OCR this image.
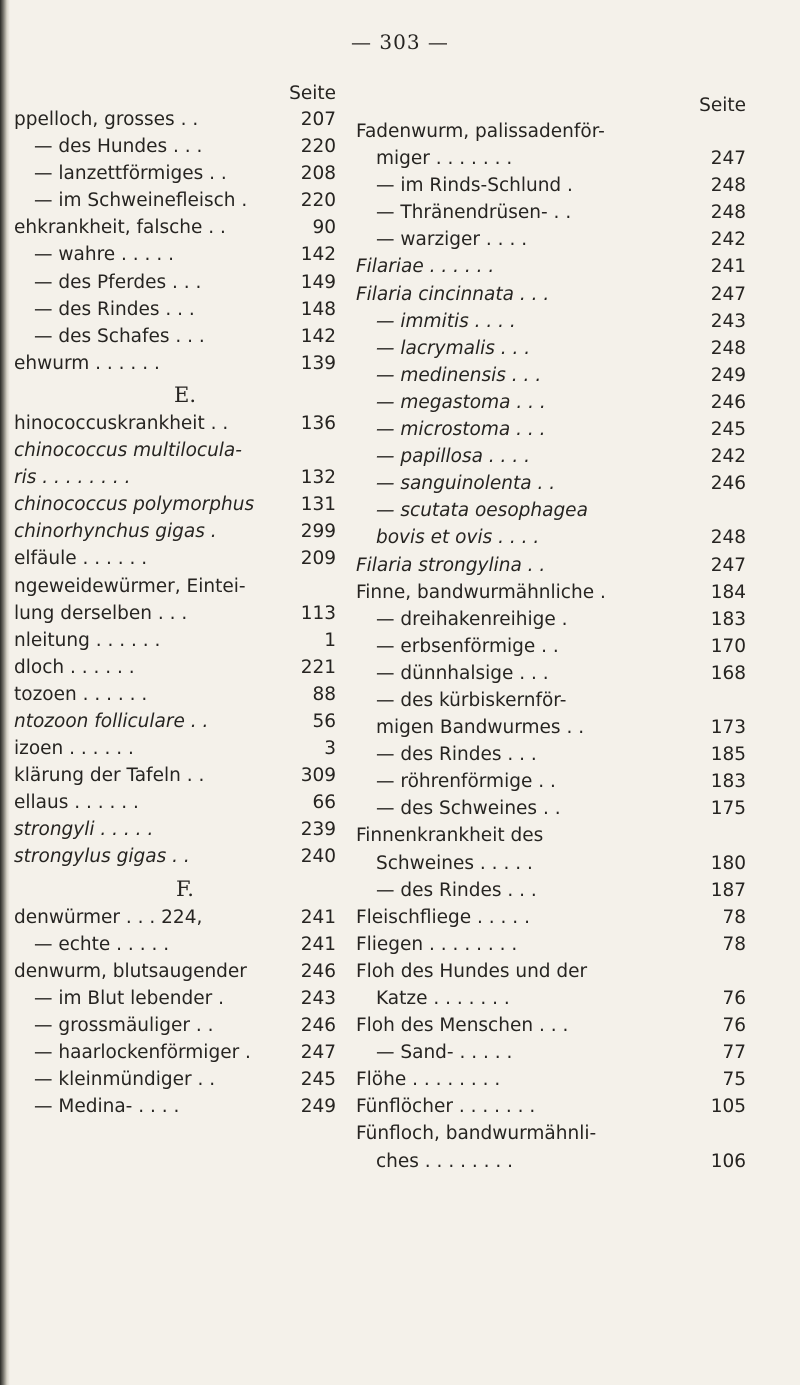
— 303 —
Seite
ppelloch, grosses . .	207
— des Hundes . . .	220
— lanzettförmiges . .	208
— im Schweinefleisch .	220
ehkrankheit, falsche . .	90
— wahre . . . . .	142
— des Pferdes . . .	149
— des Rindes . . .	148
— des Schafes . . .	142
ehwurm . . . . . .	139
E.
hinococcuskrankheit . .	136
chinococcus multilocula-
ris . . . . . . . .	132
chinococcus polymorphus	131
chinorhynchus gigas .	299
elfäule . . . . . .	209
ngeweidewürmer, Eintei-
lung derselben . . .	113
nleitung . . . . . .	1
dloch . . . . . .	221
tozoen . . . . . .	88
ntozoon folliculare . .	56
izoen . . . . . .	3
klärung der Tafeln . .	309
ellaus . . . . . .	66
strongyli . . . . .	239
strongylus gigas . .	240
F.
denwürmer . . . 224,	241
— echte . . . . .	241
denwurm, blutsaugender	246
— im Blut lebender .	243
— grossmäuliger . .	246
— haarlockenförmiger .	247
— kleinmündiger . .	245
— Medina- . . . .	249
Seite
Fadenwurm, palissadenför-
miger . . . . . . .	247
— im Rinds-Schlund .	248
— Thränendrüsen- . .	248
— warziger . . . .	242
Filariae . . . . . .	241
Filaria cincinnata . . .	247
— immitis . . . .	243
— lacrymalis . . .	248
— medinensis . . .	249
— megastoma . . .	246
— microstoma . . .	245
— papillosa . . . .	242
— sanguinolenta . .	246
— scutata oesophagea
bovis et ovis . . . .	248
Filaria strongylina . .	247
Finne, bandwurmähnliche .	184
— dreihakenreihige .	183
— erbsenförmige . .	170
— dünnhalsige . . .	168
— des kürbiskernför-
migen Bandwurmes . .	173
— des Rindes . . .	185
— röhrenförmige . .	183
— des Schweines . .	175
Finnenkrankheit des
Schweines . . . . .	180
— des Rindes . . .	187
Fleischfliege . . . . .	78
Fliegen . . . . . . . .	78
Floh des Hundes und der
Katze . . . . . . .	76
Floh des Menschen . . .	76
— Sand- . . . . .	77
Flöhe . . . . . . . .	75
Fünflöcher . . . . . . .	105
Fünfloch, bandwurmähnli-
ches . . . . . . . .	106
